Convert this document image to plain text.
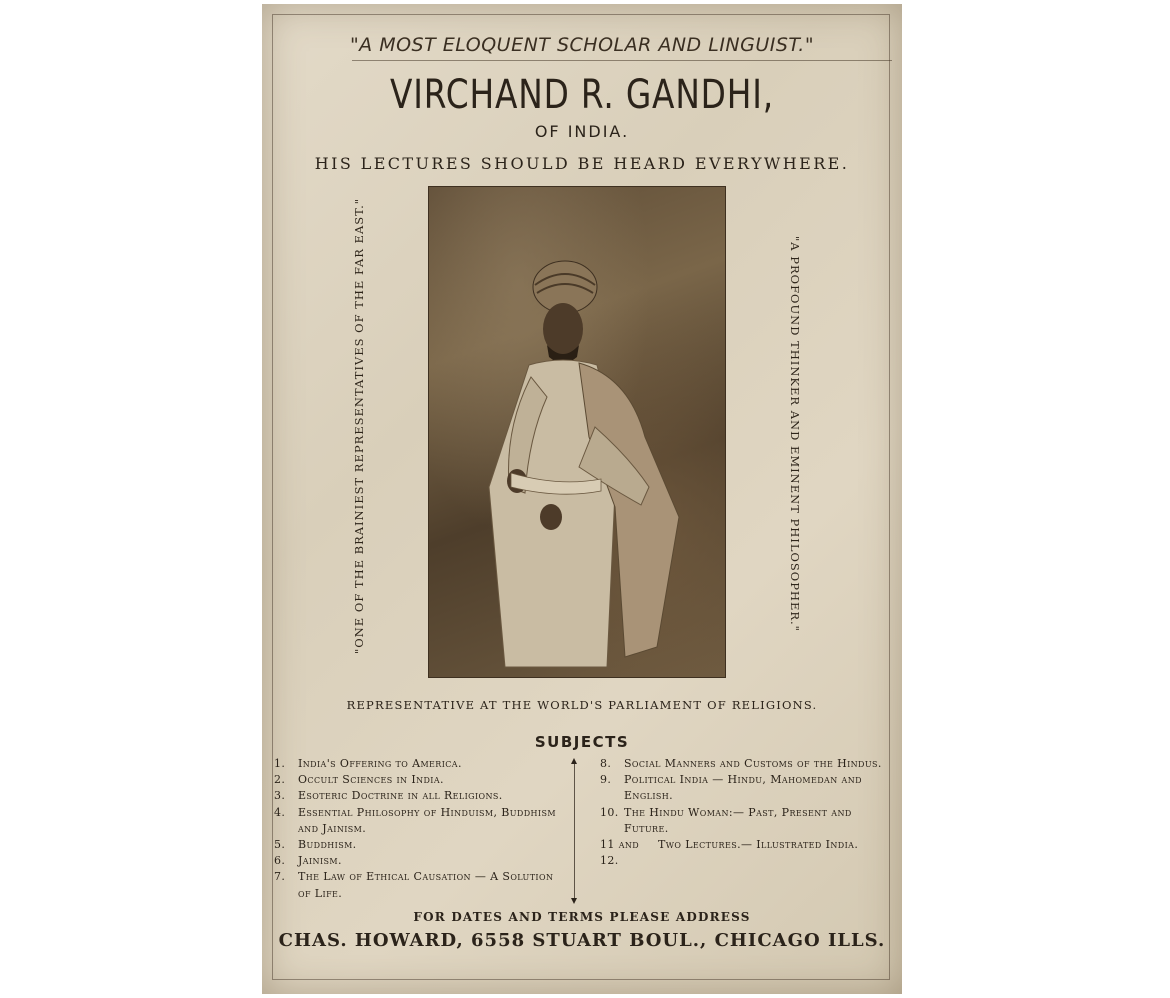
"A MOST ELOQUENT SCHOLAR AND LINGUIST."
VIRCHAND R. GANDHI,
OF INDIA.
HIS LECTURES SHOULD BE HEARD EVERYWHERE.
"ONE OF THE BRAINIEST REPRESENTATIVES OF THE FAR EAST."	"A PROFOUND THINKER AND EMINENT PHILOSOPHER."
REPRESENTATIVE AT THE WORLD'S PARLIAMENT OF RELIGIONS.
SUBJECTS
1.	India's Offering to America.
2.	Occult Sciences in India.
3.	Esoteric Doctrine in all Religions.
4.	Essential Philosophy of Hinduism, Buddhism and Jainism.
5.	Buddhism.
6.	Jainism.
7.	The Law of Ethical Causation — A Solution of Life.
8.	Social Manners and Customs of the Hindus.
9.	Political India — Hindu, Mahomedan and English.
10. The Hindu Woman:— Past, Present and Future.
11 and 12.
Two Lectures.— Illustrated India.
FOR DATES AND TERMS PLEASE ADDRESS
CHAS. HOWARD, 6558 STUART BOUL., CHICAGO ILLS.
